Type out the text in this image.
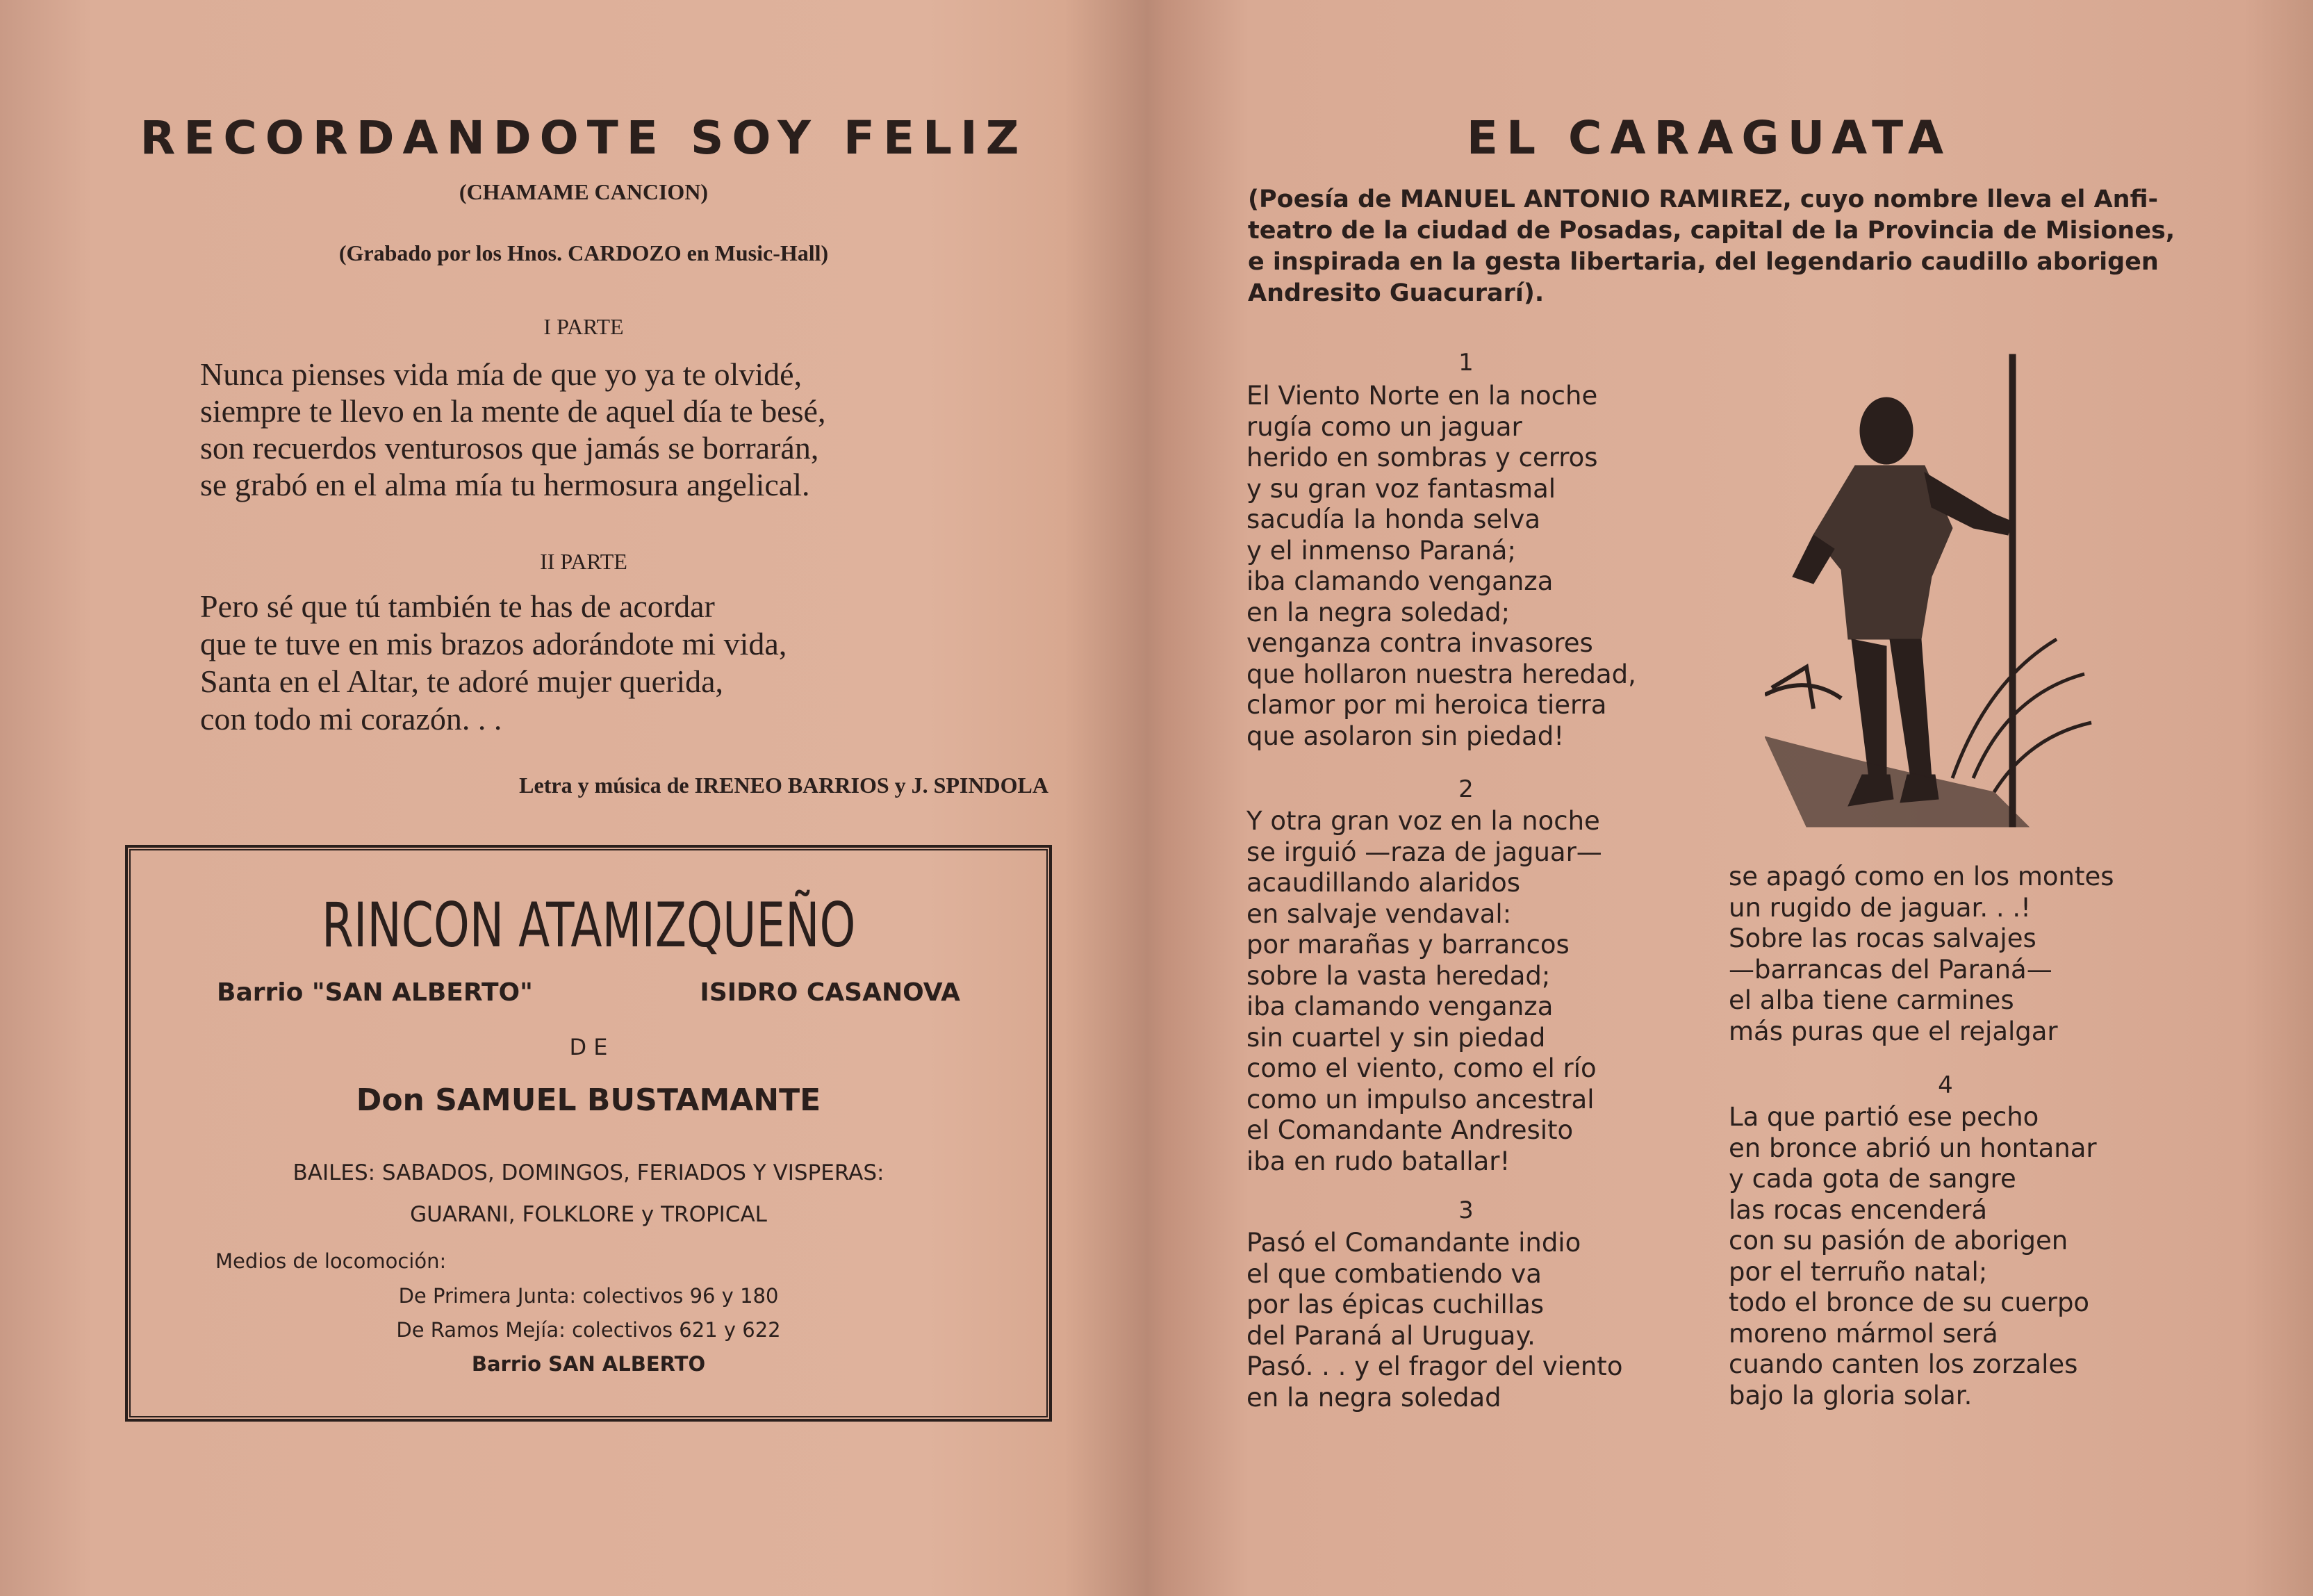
RECORDANDOTE SOY FELIZ
(CHAMAME CANCION)
(Grabado por los Hnos. CARDOZO en Music-Hall)
I PARTE
Nunca pienses vida mía de que yo ya te olvidé,
siempre te llevo en la mente de aquel día te besé,
son recuerdos venturosos que jamás se borrarán,
se grabó en el alma mía tu hermosura angelical.
II PARTE
Pero sé que tú también te has de acordar
que te tuve en mis brazos adorándote mi vida,
Santa en el Altar, te adoré mujer querida,
con todo mi corazón. . .
Letra y música de IRENEO BARRIOS y J. SPINDOLA
RINCON ATAMIZQUEÑO
Barrio "SAN ALBERTO"	ISIDRO CASANOVA
D E
Don SAMUEL BUSTAMANTE
BAILES: SABADOS, DOMINGOS, FERIADOS Y VISPERAS:
GUARANI, FOLKLORE y TROPICAL
Medios de locomoción:
De Primera Junta: colectivos 96 y 180
De Ramos Mejía: colectivos 621 y 622
Barrio SAN ALBERTO
EL CARAGUATA
(Poesía de MANUEL ANTONIO RAMIREZ, cuyo nombre lleva el Anfi-
teatro de la ciudad de Posadas, capital de la Provincia de Misiones,
e inspirada en la gesta libertaria, del legendario caudillo aborigen
Andresito Guacurarí).
1
El Viento Norte en la noche
rugía como un jaguar
herido en sombras y cerros
y su gran voz fantasmal
sacudía la honda selva
y el inmenso Paraná;
iba clamando venganza
en la negra soledad;
venganza contra invasores
que hollaron nuestra heredad,
clamor por mi heroica tierra
que asolaron sin piedad!
2
Y otra gran voz en la noche
se irguió —raza de jaguar—
acaudillando alaridos
en salvaje vendaval:
por marañas y barrancos
sobre la vasta heredad;
iba clamando venganza
sin cuartel y sin piedad
como el viento, como el río
como un impulso ancestral
el Comandante Andresito
iba en rudo batallar!
3
Pasó el Comandante indio
el que combatiendo va
por las épicas cuchillas
del Paraná al Uruguay.
Pasó. . . y el fragor del viento
en la negra soledad
se apagó como en los montes
un rugido de jaguar. . .!
Sobre las rocas salvajes
—barrancas del Paraná—
el alba tiene carmines
más puras que el rejalgar
4
La que partió ese pecho
en bronce abrió un hontanar
y cada gota de sangre
las rocas encenderá
con su pasión de aborigen
por el terruño natal;
todo el bronce de su cuerpo
moreno mármol será
cuando canten los zorzales
bajo la gloria solar.
